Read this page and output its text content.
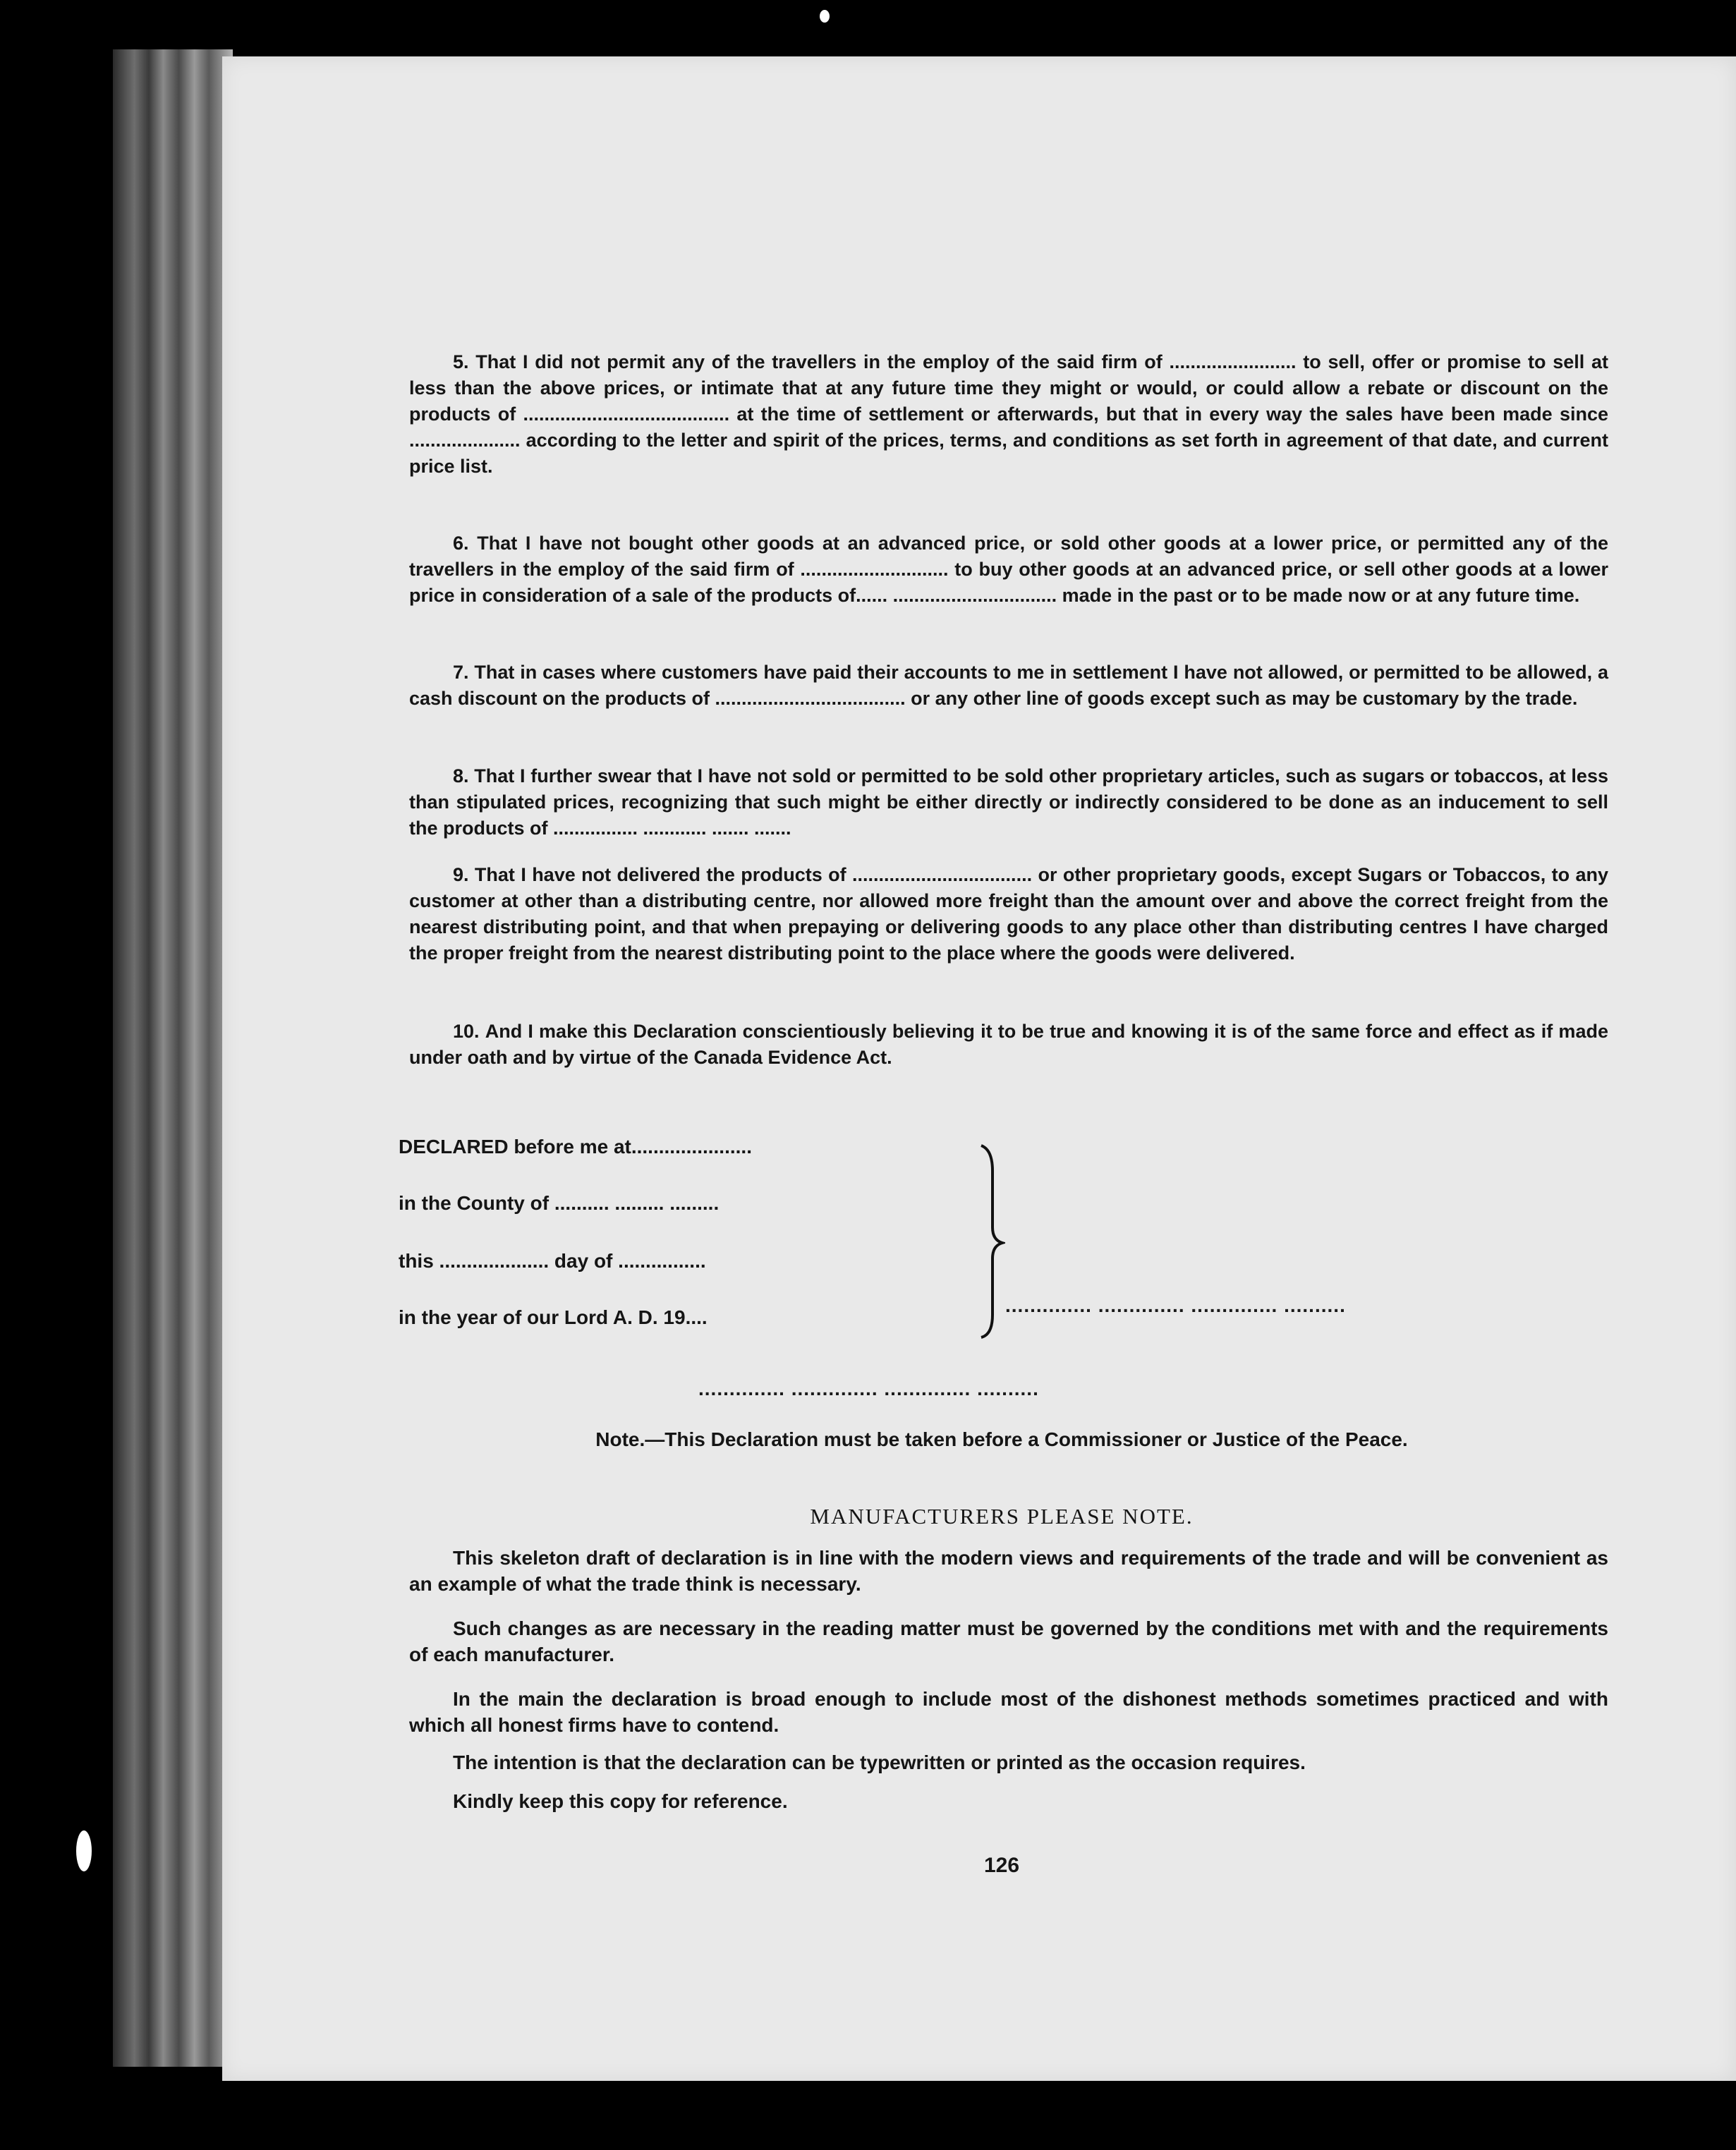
5. That I did not permit any of the travellers in the employ of the said firm of ........................ to sell, offer or promise to sell at less than the above prices, or intimate that at any future time they might or would, or could allow a rebate or discount on the products of ....................................... at the time of settlement or afterwards, but that in every way the sales have been made since ..................... according to the letter and spirit of the prices, terms, and conditions as set forth in agreement of that date, and current price list.

6. That I have not bought other goods at an advanced price, or sold other goods at a lower price, or permitted any of the travellers in the employ of the said firm of ............................ to buy other goods at an advanced price, or sell other goods at a lower price in consideration of a sale of the products of...... ............................... made in the past or to be made now or at any future time.

7. That in cases where customers have paid their accounts to me in settlement I have not allowed, or permitted to be allowed, a cash discount on the products of .................................... or any other line of goods except such as may be customary by the trade.

8. That I further swear that I have not sold or permitted to be sold other proprietary articles, such as sugars or tobaccos, at less than stipulated prices, recognizing that such might be either directly or indirectly considered to be done as an inducement to sell the products of ................ ............ ....... .......

9. That I have not delivered the products of .................................. or other proprietary goods, except Sugars or Tobaccos, to any customer at other than a distributing centre, nor allowed more freight than the amount over and above the correct freight from the nearest distributing point, and that when prepaying or delivering goods to any place other than distributing centres I have charged the proper freight from the nearest distributing point to the place where the goods were delivered.

10. And I make this Declaration conscientiously believing it to be true and knowing it is of the same force and effect as if made under oath and by virtue of the Canada Evidence Act.

DECLARED before me at......................
in the County of .......... ......... .........
this .................... day of ................
in the year of our Lord A. D. 19....
.............. .............. .............. ..........
.............. .............. .............. ..........
Note.—This Declaration must be taken before a Commissioner or Justice of the Peace.
MANUFACTURERS PLEASE NOTE.

This skeleton draft of declaration is in line with the modern views and requirements of the trade and will be convenient as an example of what the trade think is necessary.

Such changes as are necessary in the reading matter must be governed by the conditions met with and the requirements of each manufacturer.

In the main the declaration is broad enough to include most of the dishonest methods sometimes practiced and with which all honest firms have to contend.

The intention is that the declaration can be typewritten or printed as the occasion requires.

Kindly keep this copy for reference.

126
